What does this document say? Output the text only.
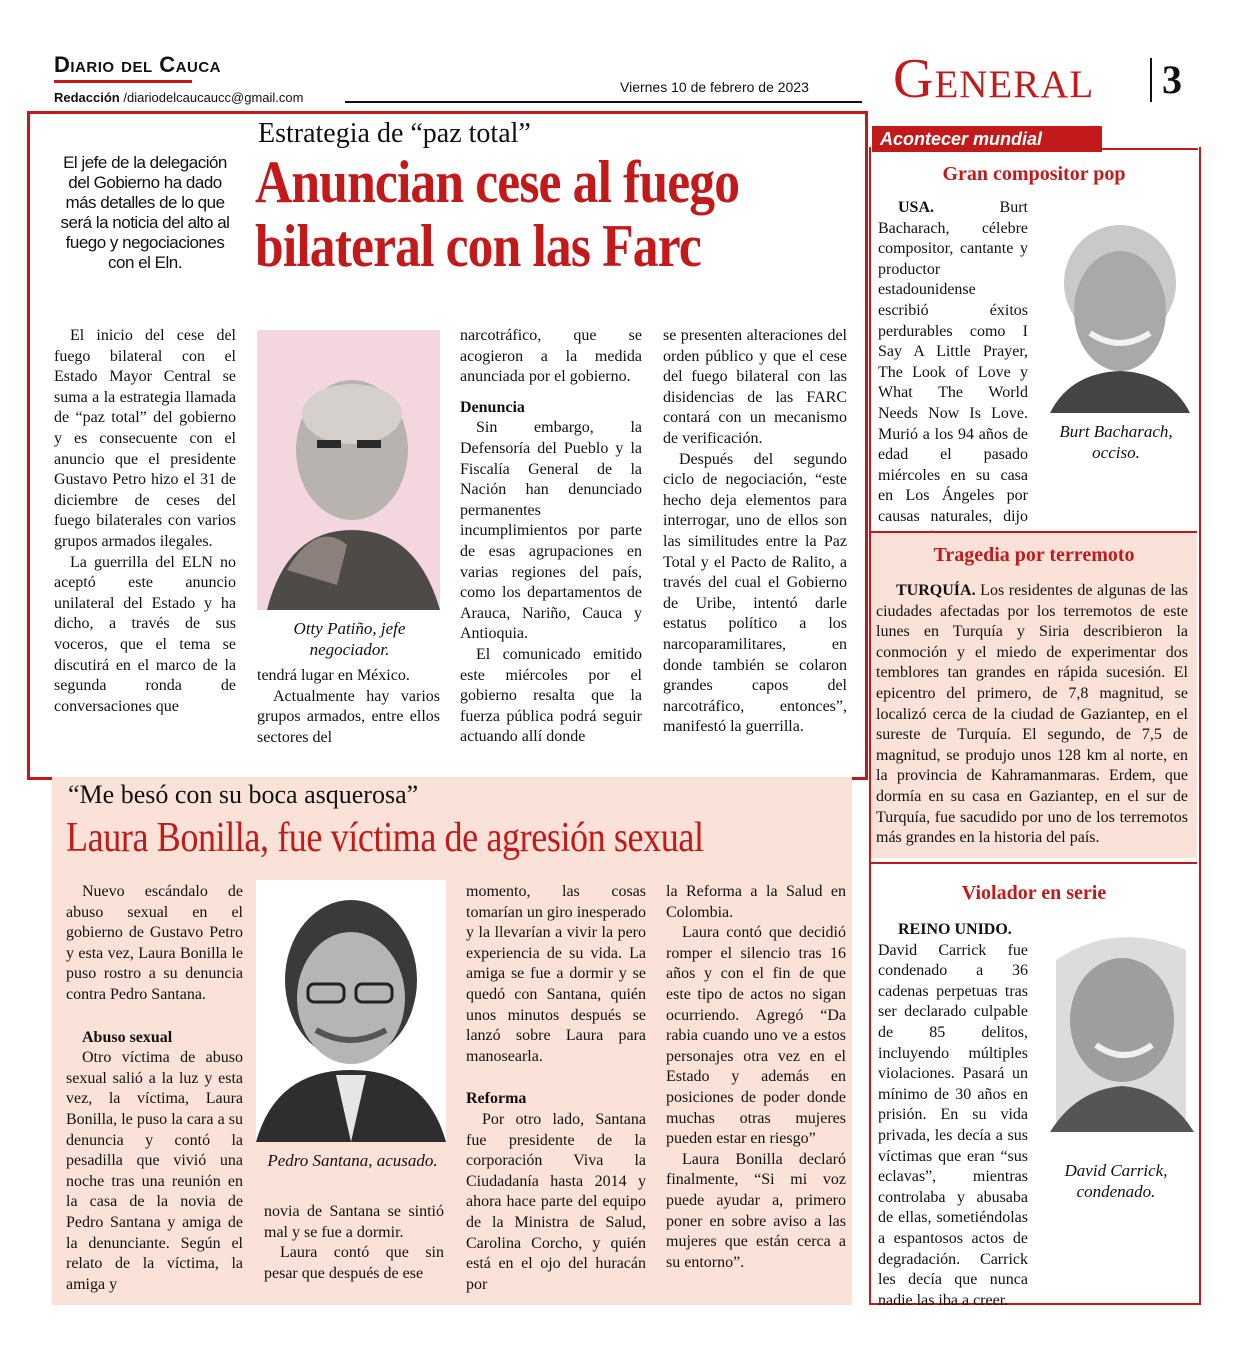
Diario del Cauca
Redacción /diariodelcaucaucc@gmail.com
Viernes 10 de febrero de 2023 General 3
Estrategia de “paz total”
Anuncian cese al fuego
bilateral con las Farc
El jefe de la delegación del Gobierno ha dado más detalles de lo que será la noticia del alto al fuego y negociaciones con el Eln.

El inicio del cese del fuego bilateral con el Estado Mayor Central se suma a la estrategia llamada de “paz total” del gobierno y es consecuente con el anuncio que el presidente Gustavo Petro hizo el 31 de diciembre de ceses del fuego bilaterales con varios grupos armados ilegales.

La guerrilla del ELN no aceptó este anuncio unilateral del Estado y ha dicho, a través de sus voceros, que el tema se discutirá en el marco de la segunda ronda de conversaciones que

Otty Patiño, jefe negociador.

tendrá lugar en México.

Actualmente hay varios grupos armados, entre ellos sectores del

narcotráfico, que se acogieron a la medida anunciada por el gobierno.

Denuncia

Sin embargo, la Defensoría del Pueblo y la Fiscalía General de la Nación han denunciado permanentes incumplimientos por parte de esas agrupaciones en varias regiones del país, como los departamentos de Arauca, Nariño, Cauca y Antioquia.

El comunicado emitido este miércoles por el gobierno resalta que la fuerza pública podrá seguir actuando allí donde

se presenten alteraciones del orden público y que el cese del fuego bilateral con las disidencias de las FARC contará con un mecanismo de verificación.

Después del segundo ciclo de negociación, “este hecho deja elementos para interrogar, uno de ellos son las similitudes entre la Paz Total y el Pacto de Ralito, a través del cual el Gobierno de Uribe, intentó darle estatus político a los narcoparamilitares, en donde también se colaron grandes capos del narcotráfico, entonces”, manifestó la guerrilla.

“Me besó con su boca asquerosa”
Laura Bonilla, fue víctima de agresión sexual

Nuevo escándalo de abuso sexual en el gobierno de Gustavo Petro y esta vez, Laura Bonilla le puso rostro a su denuncia contra Pedro Santana.

Abuso sexual

Otro víctima de abuso sexual salió a la luz y esta vez, la víctima, Laura Bonilla, le puso la cara a su denuncia y contó la pesadilla que vivió una noche tras una reunión en la casa de la novia de Pedro Santana y amiga de la denunciante. Según el relato de la víctima, la amiga y

Pedro Santana, acusado.

novia de Santana se sintió mal y se fue a dormir.

Laura contó que sin pesar que después de ese

momento, las cosas tomarían un giro inesperado y la llevarían a vivir la pero experiencia de su vida. La amiga se fue a dormir y se quedó con Santana, quién unos minutos después se lanzó sobre Laura para manosearla.

Reforma

Por otro lado, Santana fue presidente de la corporación Viva la Ciudadanía hasta 2014 y ahora hace parte del equipo de la Ministra de Salud, Carolina Corcho, y quién está en el ojo del huracán por

la Reforma a la Salud en Colombia.

Laura contó que decidió romper el silencio tras 16 años y con el fin de que este tipo de actos no sigan ocurriendo. Agregó “Da rabia cuando uno ve a estos personajes otra vez en el Estado y además en posiciones de poder donde muchas otras mujeres pueden estar en riesgo”

Laura Bonilla declaró finalmente, “Si mi voz puede ayudar a, primero poner en sobre aviso a las mujeres que están cerca a su entorno”.

Acontecer mundial
Gran compositor pop
Burt Bacharach, occiso.

USA.	Burt Bacharach, célebre compositor, cantante y productor estadounidense escribió éxitos perdurables como I Say A Little Prayer, The Look of Love y What The World Needs Now Is Love. Murió a los 94 años de edad el pasado miércoles en su casa en Los Ángeles por causas naturales, dijo

Tragedia por terremoto

TURQUÍA. Los residentes de algunas de las ciudades afectadas por los terremotos de este lunes en Turquía y Siria describieron la conmoción y el miedo de experimentar dos temblores tan grandes en rápida sucesión. El epicentro del primero, de 7,8 magnitud, se localizó cerca de la ciudad de Gaziantep, en el sureste de Turquía. El segundo, de 7,5 de magnitud, se produjo unos 128 km al norte, en la provincia de Kahramanmaras. Erdem, que dormía en su casa en Gaziantep, en el sur de Turquía, fue sacudido por uno de los terremotos más grandes en la historia del país.

Violador en serie
David Carrick, condenado.

REINO UNIDO.

David Carrick fue condenado a 36 cadenas perpetuas tras ser declarado culpable de 85 delitos, incluyendo múltiples violaciones. Pasará un mínimo de 30 años en prisión. En su vida privada, les decía a sus víctimas que eran “sus eclavas”, mientras controlaba y abusaba de ellas, sometiéndolas a espantosos actos de degradación. Carrick les decía que nunca nadie las iba a creer.
